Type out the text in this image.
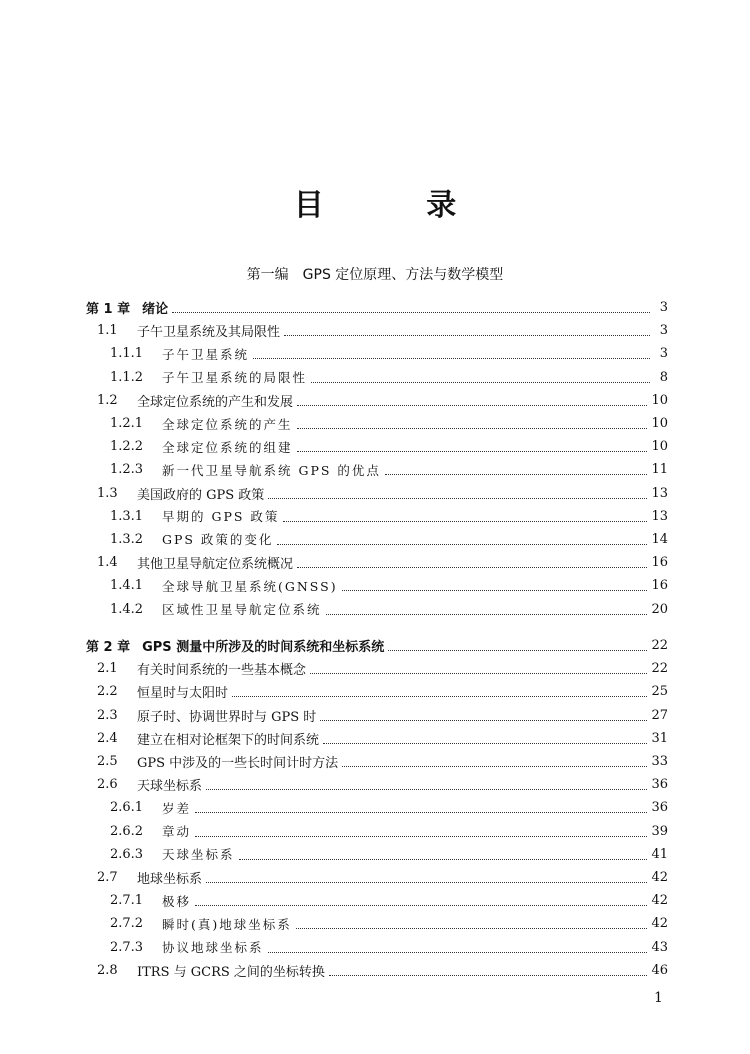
目 录
第一编　GPS 定位原理、方法与数学模型
第 1 章 绪论	3
1.1	子午卫星系统及其局限性	3
1.1.1	子午卫星系统	3
1.1.2	子午卫星系统的局限性	8
1.2	全球定位系统的产生和发展	10
1.2.1	全球定位系统的产生	10
1.2.2	全球定位系统的组建	10
1.2.3	新一代卫星导航系统 GPS 的优点	11
1.3	美国政府的 GPS 政策	13
1.3.1	早期的 GPS 政策	13
1.3.2	GPS 政策的变化	14
1.4	其他卫星导航定位系统概况	16
1.4.1	全球导航卫星系统(GNSS)	16
1.4.2	区域性卫星导航定位系统	20
第 2 章 GPS 测量中所涉及的时间系统和坐标系统	22
2.1	有关时间系统的一些基本概念	22
2.2	恒星时与太阳时	25
2.3	原子时、协调世界时与 GPS 时	27
2.4	建立在相对论框架下的时间系统	31
2.5	GPS 中涉及的一些长时间计时方法	33
2.6	天球坐标系	36
2.6.1	岁差	36
2.6.2	章动	39
2.6.3	天球坐标系	41
2.7	地球坐标系	42
2.7.1	极移	42
2.7.2	瞬时(真)地球坐标系	42
2.7.3	协议地球坐标系	43
2.8	ITRS 与 GCRS 之间的坐标转换	46
1
